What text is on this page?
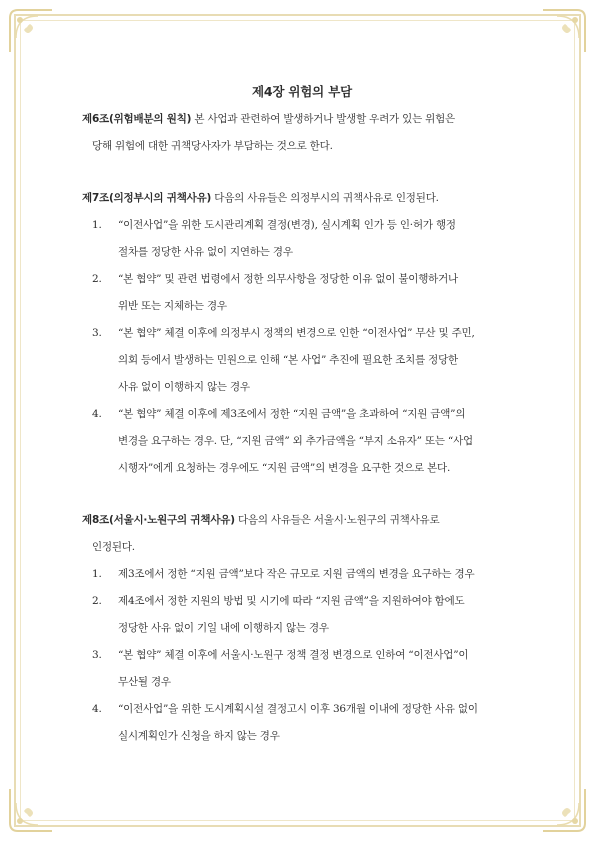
제4장 위험의 부담
제6조(위험배분의 원칙) 본 사업과 관련하여 발생하거나 발생할 우려가 있는 위험은
당해 위험에 대한 귀책당사자가 부담하는 것으로 한다.
제7조(의정부시의 귀책사유) 다음의 사유들은 의정부시의 귀책사유로 인정된다.
1. “이전사업”을 위한 도시관리계획 결정(변경), 실시계획 인가 등 인·허가 행정
절차를 정당한 사유 없이 지연하는 경우
2. “본 협약” 및 관련 법령에서 정한 의무사항을 정당한 이유 없이 불이행하거나
위반 또는 지체하는 경우
3. “본 협약” 체결 이후에 의정부시 정책의 변경으로 인한 “이전사업” 무산 및 주민,
의회 등에서 발생하는 민원으로 인해 “본 사업” 추진에 필요한 조치를 정당한
사유 없이 이행하지 않는 경우
4. “본 협약” 체결 이후에 제3조에서 정한 “지원 금액”을 초과하여 “지원 금액”의
변경을 요구하는 경우. 단, “지원 금액” 외 추가금액을 “부지 소유자” 또는 “사업
시행자”에게 요청하는 경우에도 “지원 금액”의 변경을 요구한 것으로 본다.
제8조(서울시·노원구의 귀책사유) 다음의 사유들은 서울시·노원구의 귀책사유로
인정된다.
1. 제3조에서 정한 “지원 금액”보다 작은 규모로 지원 금액의 변경을 요구하는 경우
2. 제4조에서 정한 지원의 방법 및 시기에 따라 “지원 금액”을 지원하여야 함에도
정당한 사유 없이 기일 내에 이행하지 않는 경우
3. “본 협약” 체결 이후에 서울시·노원구 정책 결정 변경으로 인하여 “이전사업”이
무산될 경우
4. “이전사업”을 위한 도시계획시설 결정고시 이후 36개월 이내에 정당한 사유 없이
실시계획인가 신청을 하지 않는 경우
